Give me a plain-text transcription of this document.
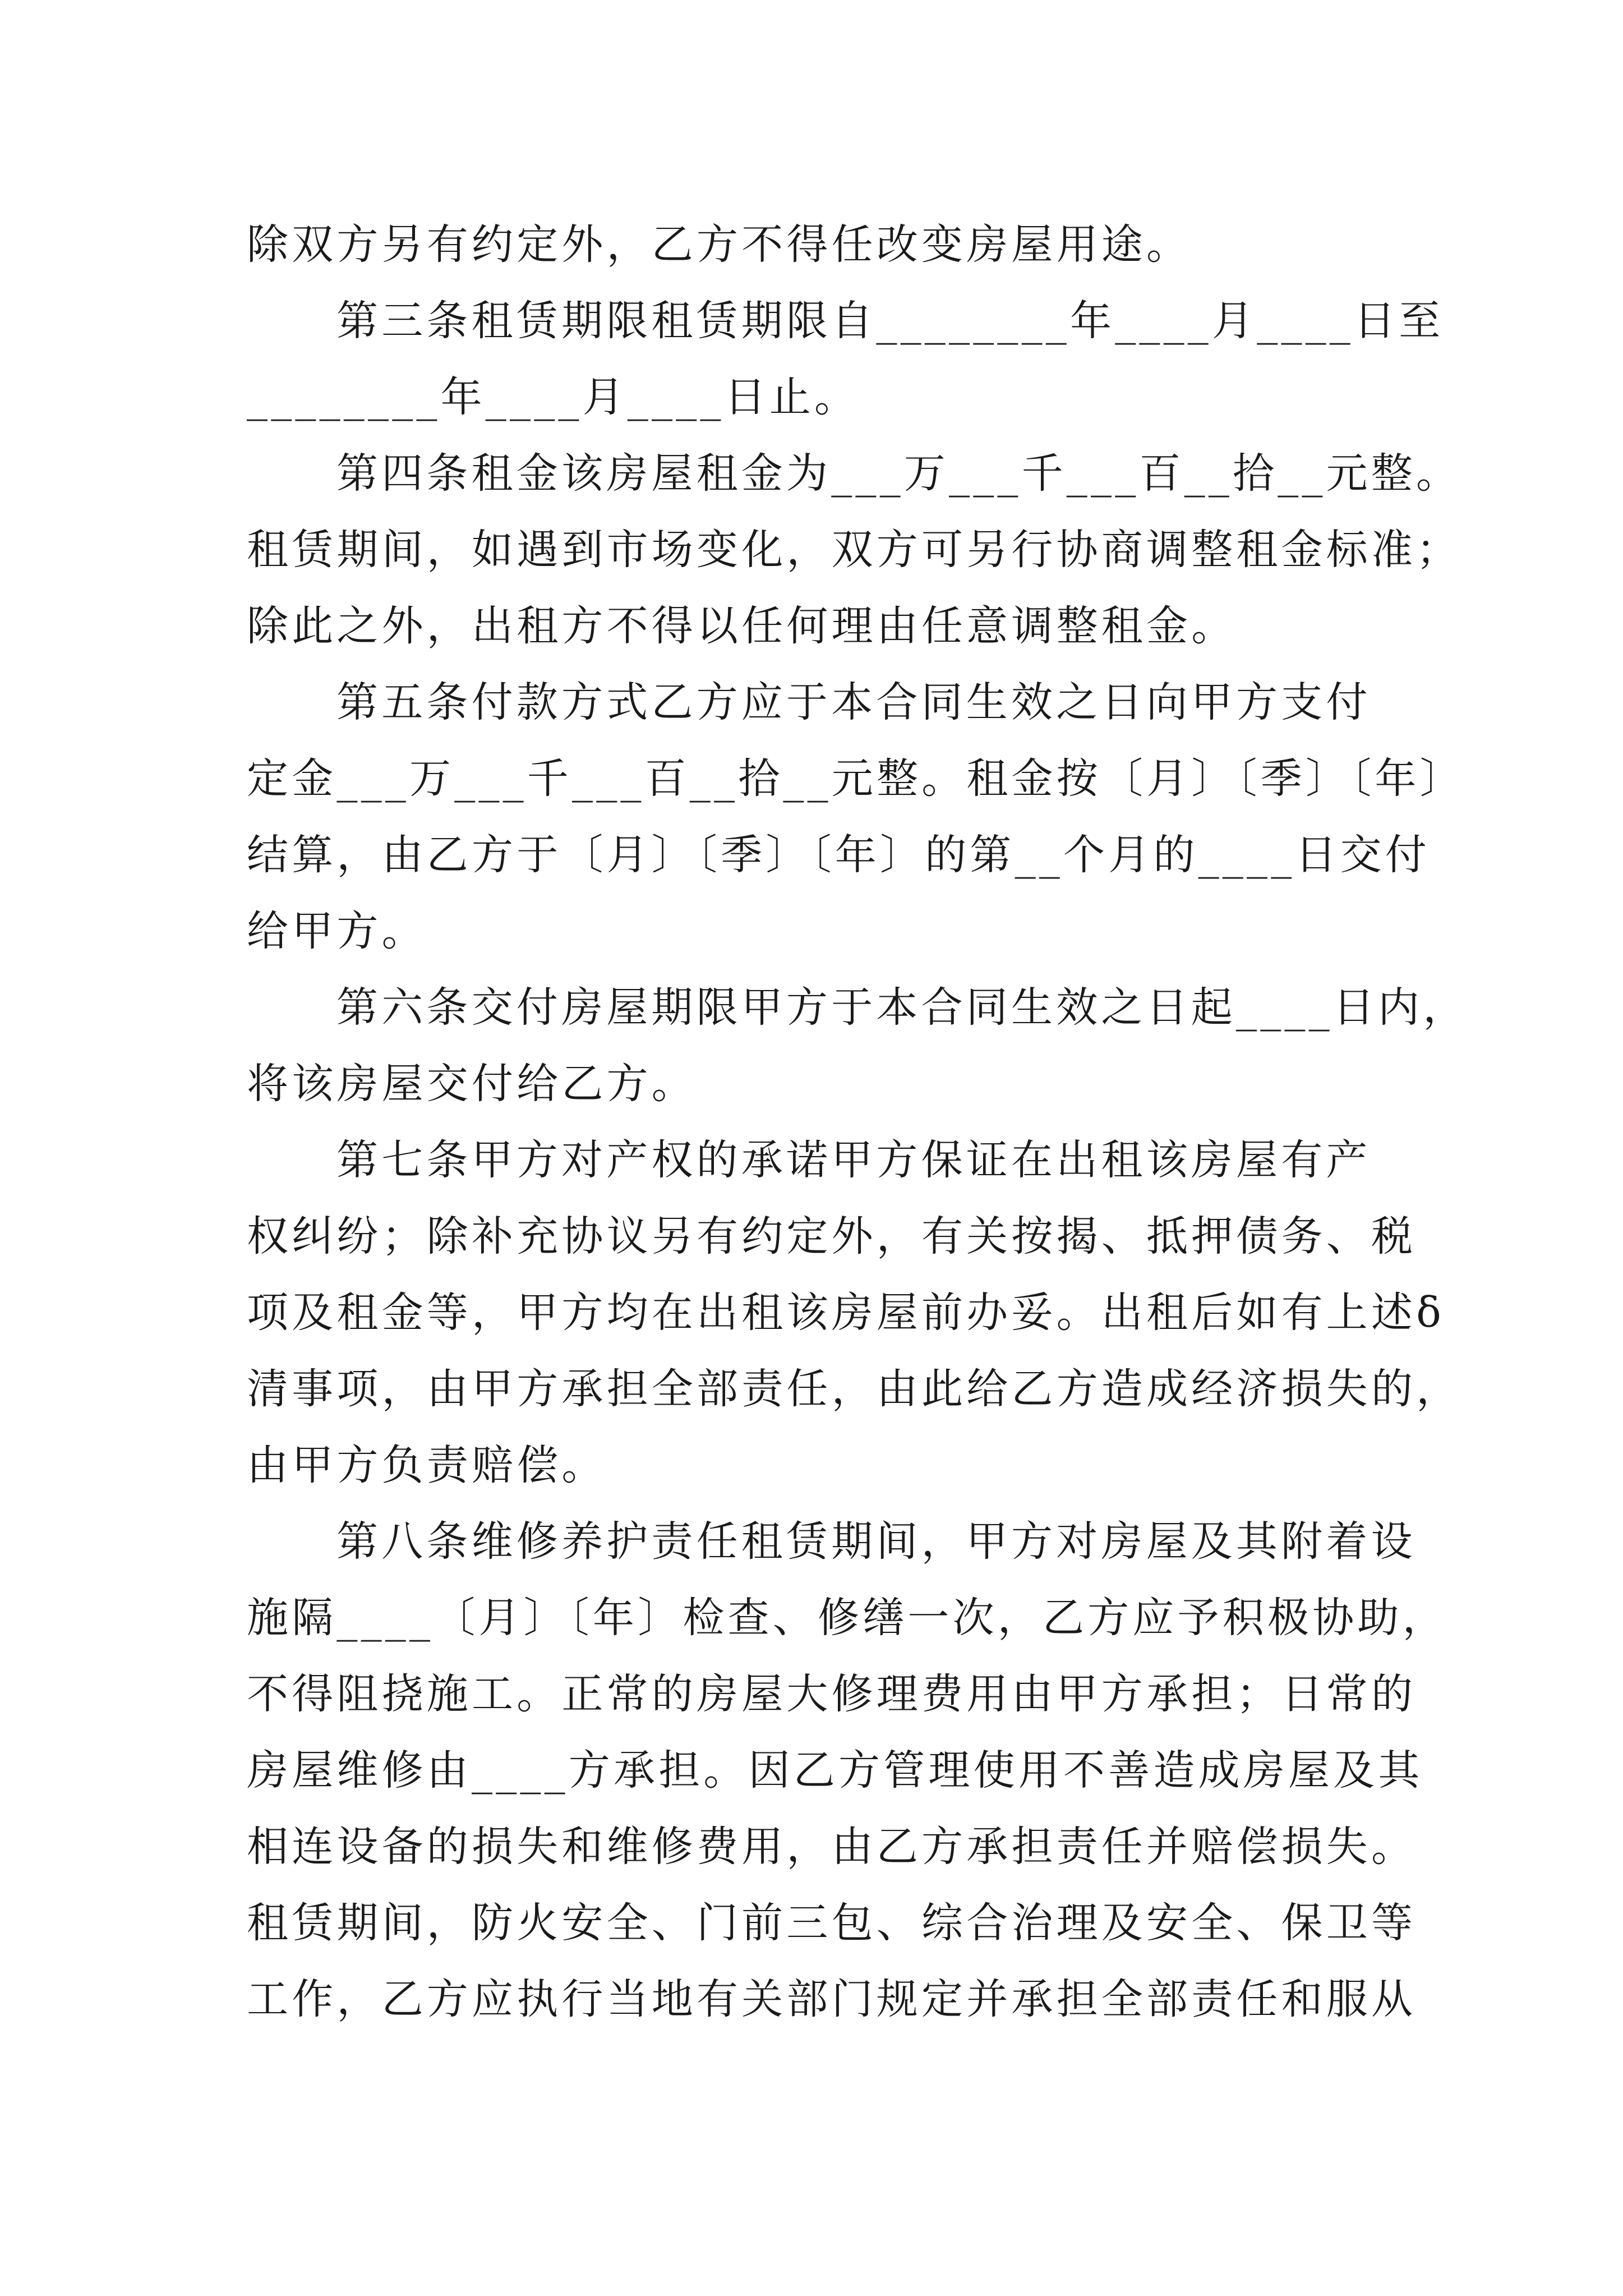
除双方另有约定外，乙方不得任改变房屋用途。
第三条租赁期限租赁期限自________年____月____日至
________年____月____日止。
第四条租金该房屋租金为___万___千___百__拾__元整。
租赁期间，如遇到市场变化，双方可另行协商调整租金标准；
除此之外，出租方不得以任何理由任意调整租金。
第五条付款方式乙方应于本合同生效之日向甲方支付
定金___万___千___百__拾__元整。租金按〔月〕〔季〕〔年〕
结算，由乙方于〔月〕〔季〕〔年〕的第__个月的____日交付
给甲方。
第六条交付房屋期限甲方于本合同生效之日起____日内，
将该房屋交付给乙方。
第七条甲方对产权的承诺甲方保证在出租该房屋有产
权纠纷；除补充协议另有约定外，有关按揭、抵押债务、税
项及租金等，甲方均在出租该房屋前办妥。出租后如有上述δ
清事项，由甲方承担全部责任，由此给乙方造成经济损失的，
由甲方负责赔偿。
第八条维修养护责任租赁期间，甲方对房屋及其附着设
施隔____〔月〕〔年〕检查、修缮一次，乙方应予积极协助，
不得阻挠施工。正常的房屋大修理费用由甲方承担；日常的
房屋维修由____方承担。因乙方管理使用不善造成房屋及其
相连设备的损失和维修费用，由乙方承担责任并赔偿损失。
租赁期间，防火安全、门前三包、综合治理及安全、保卫等
工作，乙方应执行当地有关部门规定并承担全部责任和服从
